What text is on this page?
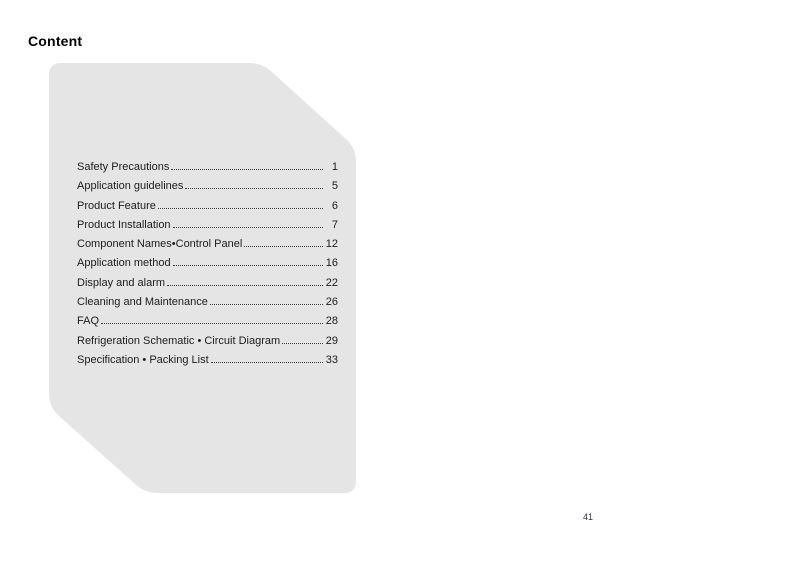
Content
Safety Precautions	1
Application guidelines	5
Product Feature	6
Product Installation	7
Component Names•Control Panel	12
Application method	16
Display and alarm	22
Cleaning and Maintenance	26
FAQ	28
Refrigeration Schematic • Circuit Diagram	29
Specification • Packing List	33
41
